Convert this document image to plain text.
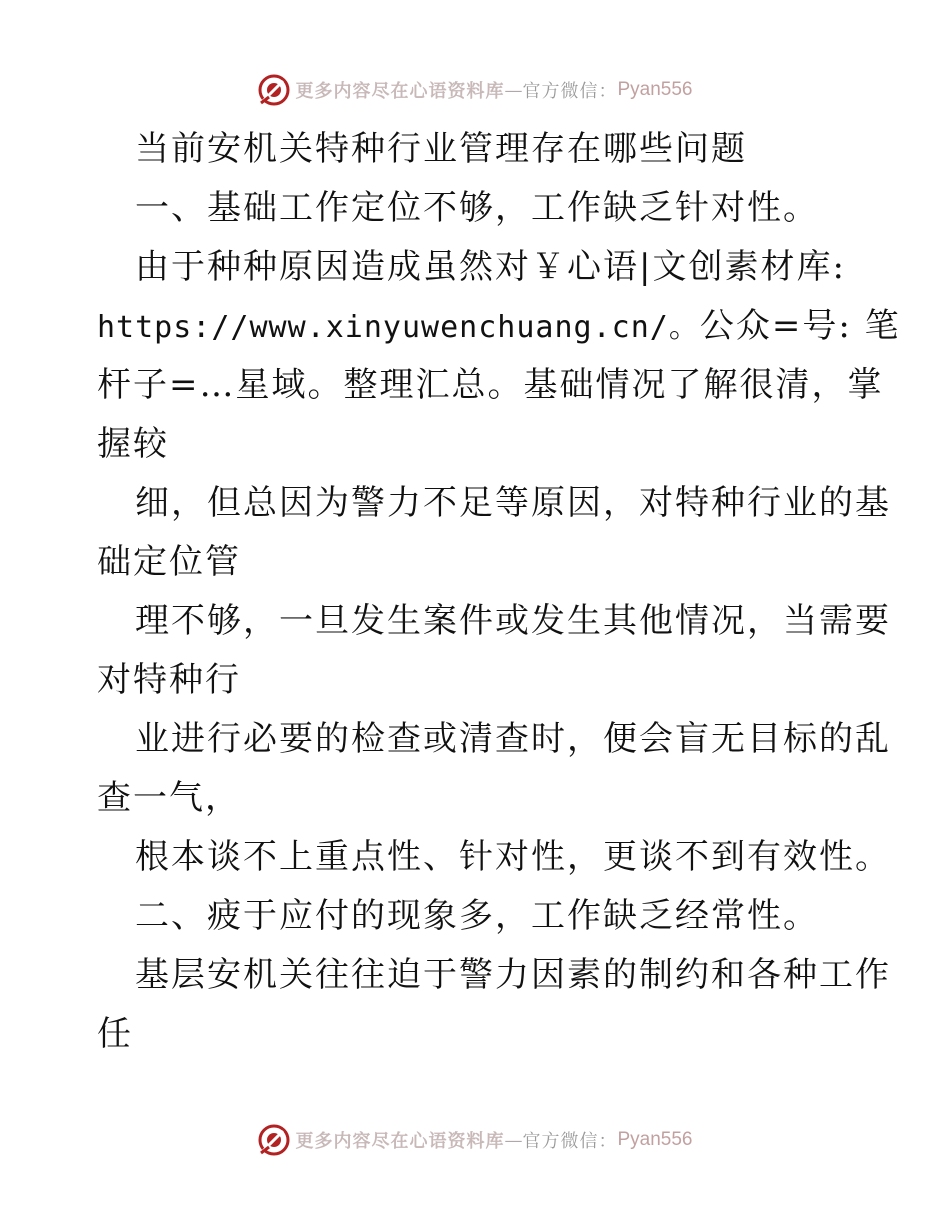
更多内容尽在心语资料库 — 官方微信： Pyan556
当前安机关特种行业管理存在哪些问题
一、基础工作定位不够，工作缺乏针对性。
由于种种原因造成虽然对￥心语|文创素材库:
https://www.xinyuwenchuang.cn/。公众=号: 笔
杆子=…星域。整理汇总。基础情况了解很清，掌
握较
细，但总因为警力不足等原因，对特种行业的基
础定位管
理不够，一旦发生案件或发生其他情况，当需要
对特种行
业进行必要的检查或清查时，便会盲无目标的乱
查一气，
根本谈不上重点性、针对性，更谈不到有效性。
二、疲于应付的现象多，工作缺乏经常性。
基层安机关往往迫于警力因素的制约和各种工作
任
更多内容尽在心语资料库 — 官方微信： Pyan556
